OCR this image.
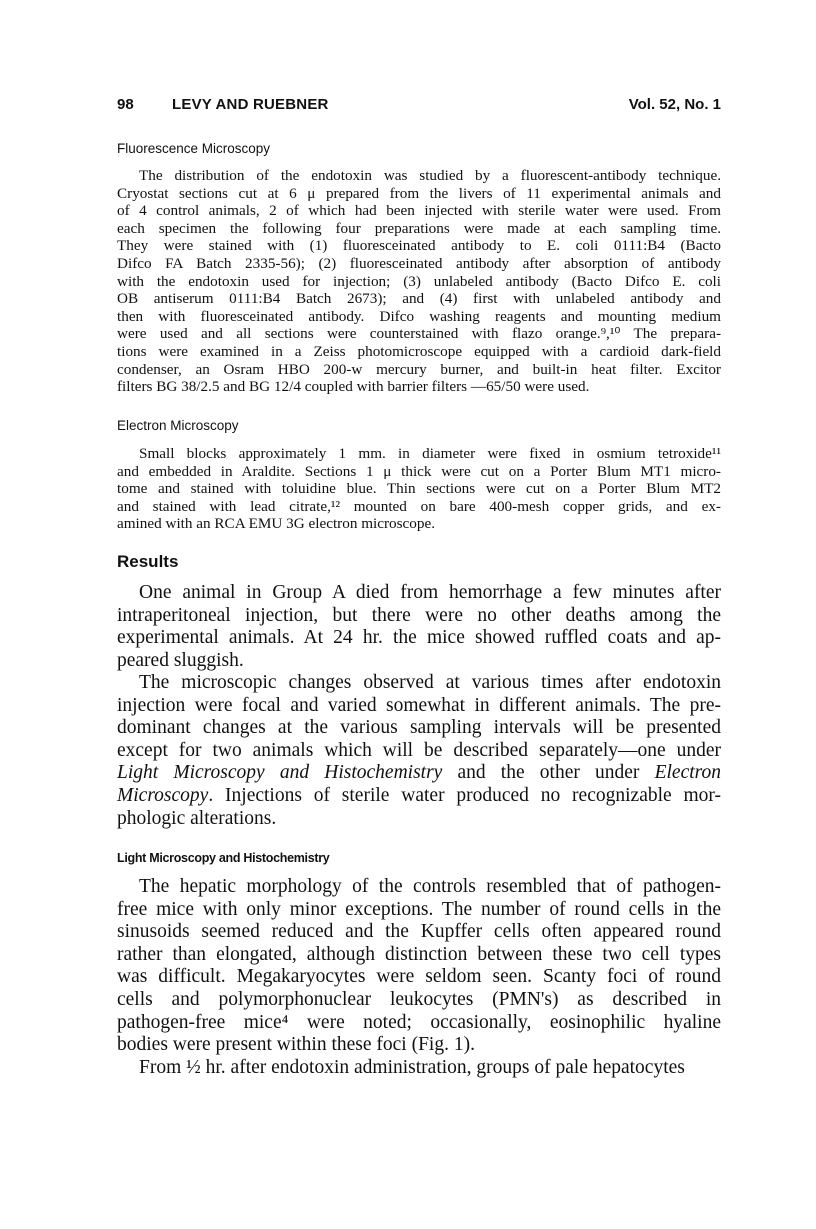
98	LEVY AND RUEBNER	Vol. 52, No. 1
Fluorescence Microscopy
The distribution of the endotoxin was studied by a fluorescent-antibody technique.
Cryostat sections cut at 6 μ prepared from the livers of 11 experimental animals and
of 4 control animals, 2 of which had been injected with sterile water were used. From
each specimen the following four preparations were made at each sampling time.
They were stained with (1) fluoresceinated antibody to E. coli 0111:B4 (Bacto
Difco FA Batch 2335-56); (2) fluoresceinated antibody after absorption of antibody
with the endotoxin used for injection; (3) unlabeled antibody (Bacto Difco E. coli
OB antiserum 0111:B4 Batch 2673); and (4) first with unlabeled antibody and
then with fluoresceinated antibody. Difco washing reagents and mounting medium
were used and all sections were counterstained with flazo orange.⁹,¹⁰ The prepara-
tions were examined in a Zeiss photomicroscope equipped with a cardioid dark-field
condenser, an Osram HBO 200-w mercury burner, and built-in heat filter. Excitor
filters BG 38/2.5 and BG 12/4 coupled with barrier filters —65/50 were used.
Electron Microscopy
Small blocks approximately 1 mm. in diameter were fixed in osmium tetroxide¹¹
and embedded in Araldite. Sections 1 μ thick were cut on a Porter Blum MT1 micro-
tome and stained with toluidine blue. Thin sections were cut on a Porter Blum MT2
and stained with lead citrate,¹² mounted on bare 400-mesh copper grids, and ex-
amined with an RCA EMU 3G electron microscope.
Results
One animal in Group A died from hemorrhage a few minutes after
intraperitoneal injection, but there were no other deaths among the
experimental animals. At 24 hr. the mice showed ruffled coats and ap-
peared sluggish.
The microscopic changes observed at various times after endotoxin
injection were focal and varied somewhat in different animals. The pre-
dominant changes at the various sampling intervals will be presented
except for two animals which will be described separately—one under
Light Microscopy and Histochemistry and the other under Electron
Microscopy. Injections of sterile water produced no recognizable mor-
phologic alterations.
Light Microscopy and Histochemistry
The hepatic morphology of the controls resembled that of pathogen-
free mice with only minor exceptions. The number of round cells in the
sinusoids seemed reduced and the Kupffer cells often appeared round
rather than elongated, although distinction between these two cell types
was difficult. Megakaryocytes were seldom seen. Scanty foci of round
cells and polymorphonuclear leukocytes (PMN's) as described in
pathogen-free mice⁴ were noted; occasionally, eosinophilic hyaline
bodies were present within these foci (Fig. 1).
From ½ hr. after endotoxin administration, groups of pale hepatocytes
